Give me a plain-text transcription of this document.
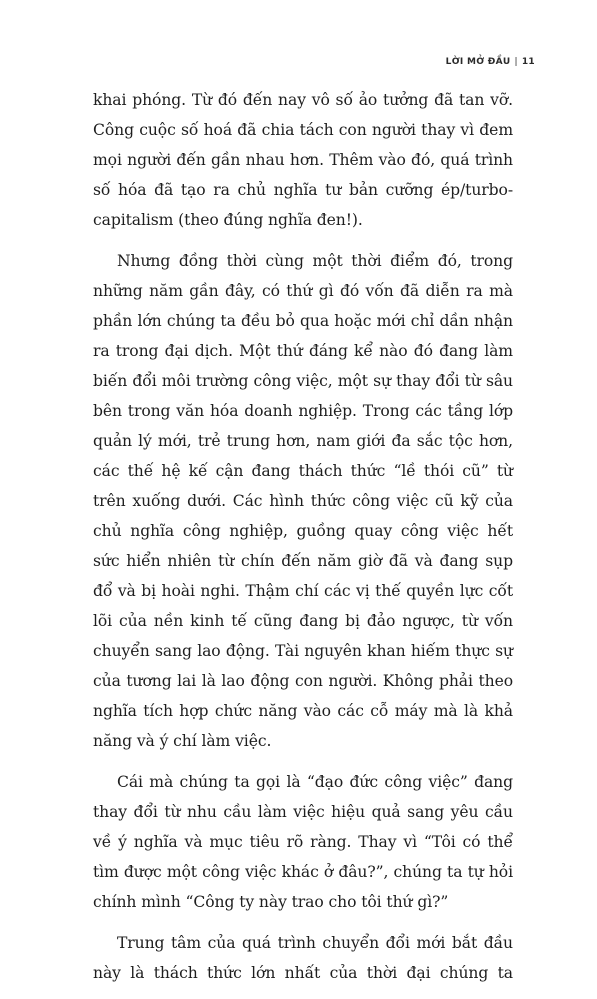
LỜI MỞ ĐẦU | 11

khai phóng. Từ đó đến nay vô số ảo tưởng đã tan vỡ. Công cuộc số hoá đã chia tách con người thay vì đem mọi người đến gần nhau hơn. Thêm vào đó, quá trình số hóa đã tạo ra chủ nghĩa tư bản cưỡng ép/turbo-capitalism (theo đúng nghĩa đen!).

Nhưng đồng thời cùng một thời điểm đó, trong những năm gần đây, có thứ gì đó vốn đã diễn ra mà phần lớn chúng ta đều bỏ qua hoặc mới chỉ dần nhận ra trong đại dịch. Một thứ đáng kể nào đó đang làm biến đổi môi trường công việc, một sự thay đổi từ sâu bên trong văn hóa doanh nghiệp. Trong các tầng lớp quản lý mới, trẻ trung hơn, nam giới đa sắc tộc hơn, các thế hệ kế cận đang thách thức “lề thói cũ” từ trên xuống dưới. Các hình thức công việc cũ kỹ của chủ nghĩa công nghiệp, guồng quay công việc hết sức hiển nhiên từ chín đến năm giờ đã và đang sụp đổ và bị hoài nghi. Thậm chí các vị thế quyền lực cốt lõi của nền kinh tế cũng đang bị đảo ngược, từ vốn chuyển sang lao động. Tài nguyên khan hiếm thực sự của tương lai là lao động con người. Không phải theo nghĩa tích hợp chức năng vào các cỗ máy mà là khả năng và ý chí làm việc.

Cái mà chúng ta gọi là “đạo đức công việc” đang thay đổi từ nhu cầu làm việc hiệu quả sang yêu cầu về ý nghĩa và mục tiêu rõ ràng. Thay vì “Tôi có thể tìm được một công việc khác ở đâu?”, chúng ta tự hỏi chính mình “Công ty này trao cho tôi thứ gì?”

Trung tâm của quá trình chuyển đổi mới bắt đầu này là thách thức lớn nhất của thời đại chúng ta
